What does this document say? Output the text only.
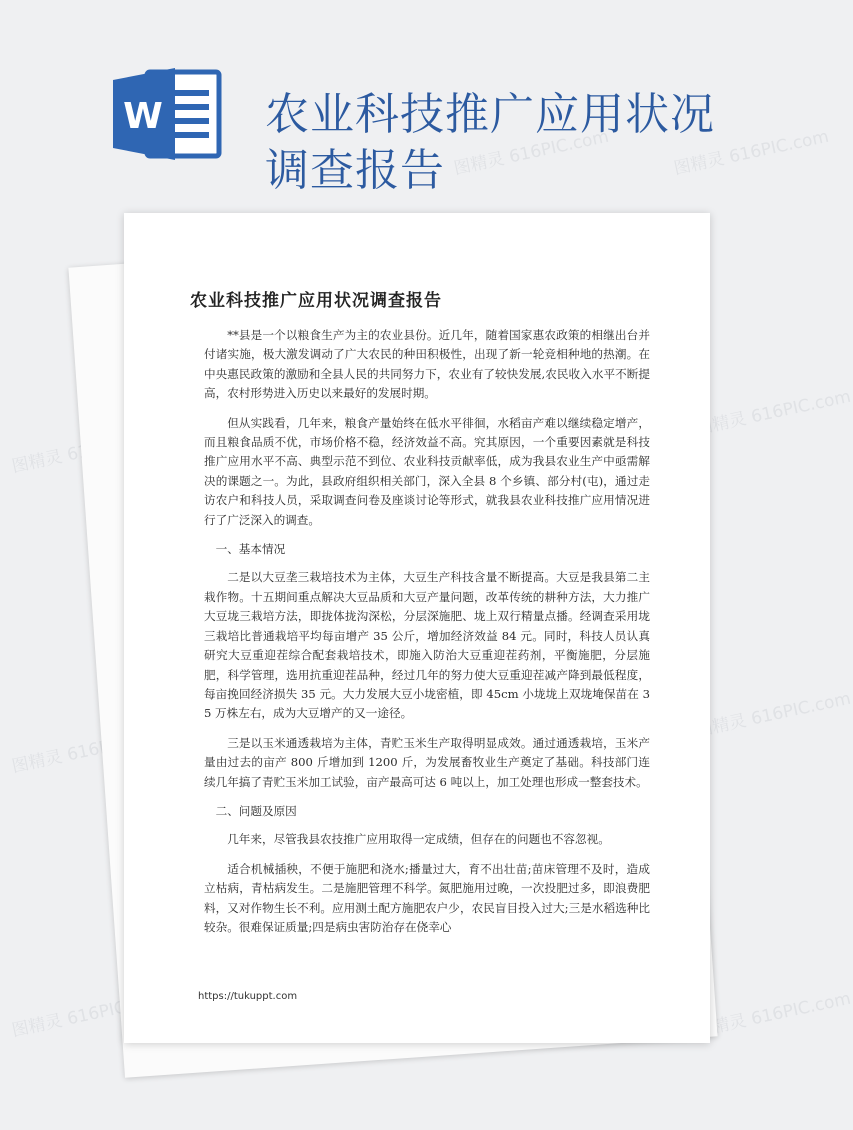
W 农业科技推广应用状况
调查报告 图精灵 616PIC.com	图精灵 616PIC.com
图精灵
图精灵 616PIC.com
图精灵 616PIC.com
图精灵 616PIC.com
图精灵 616PIC.com	图精灵 616PIC.com
农业科技推广应用状况调查报告

**县是一个以粮食生产为主的农业县份。近几年，随着国家惠农政策的相继出台并付诸实施，极大激发调动了广大农民的种田积极性，出现了新一轮竞相种地的热潮。在中央惠民政策的激励和全县人民的共同努力下，农业有了较快发展,农民收入水平不断提高，农村形势进入历史以来最好的发展时期。

但从实践看，几年来，粮食产量始终在低水平徘徊，水稻亩产难以继续稳定增产，而且粮食品质不优，市场价格不稳，经济效益不高。究其原因，一个重要因素就是科技推广应用水平不高、典型示范不到位、农业科技贡献率低，成为我县农业生产中亟需解决的课题之一。为此，县政府组织相关部门，深入全县 8 个乡镇、部分村(屯)，通过走访农户和科技人员，采取调查问卷及座谈讨论等形式，就我县农业科技推广应用情况进行了广泛深入的调查。

一、基本情况

二是以大豆垄三栽培技术为主体，大豆生产科技含量不断提高。大豆是我县第二主栽作物。十五期间重点解决大豆品质和大豆产量问题，改革传统的耕种方法，大力推广大豆垅三栽培方法，即拢体拢沟深松，分层深施肥、垅上双行精量点播。经调查采用垅三栽培比普通栽培平均每亩增产 35 公斤，增加经济效益 84 元。同时，科技人员认真研究大豆重迎茬综合配套栽培技术，即施入防治大豆重迎茬药剂，平衡施肥，分层施肥，科学管理，选用抗重迎茬品种，经过几年的努力使大豆重迎茬减产降到最低程度，每亩挽回经济损失 35 元。大力发展大豆小垅密植，即 45cm 小垅垅上双垅埯保苗在 35 万株左右，成为大豆增产的又一途径。

三是以玉米通透栽培为主体，青贮玉米生产取得明显成效。通过通透栽培，玉米产量由过去的亩产 800 斤增加到 1200 斤，为发展畜牧业生产奠定了基础。科技部门连续几年搞了青贮玉米加工试验，亩产最高可达 6 吨以上，加工处理也形成一整套技术。

二、问题及原因

几年来，尽管我县农技推广应用取得一定成绩，但存在的问题也不容忽视。

适合机械插秧，不便于施肥和浇水;播量过大，育不出壮苗;苗床管理不及时，造成立枯病，青枯病发生。二是施肥管理不科学。氮肥施用过晚，一次投肥过多，即浪费肥料，又对作物生长不利。应用测土配方施肥农户少，农民盲目投入过大;三是水稻选种比较杂。很难保证质量;四是病虫害防治存在侥幸心

https://tukuppt.com
